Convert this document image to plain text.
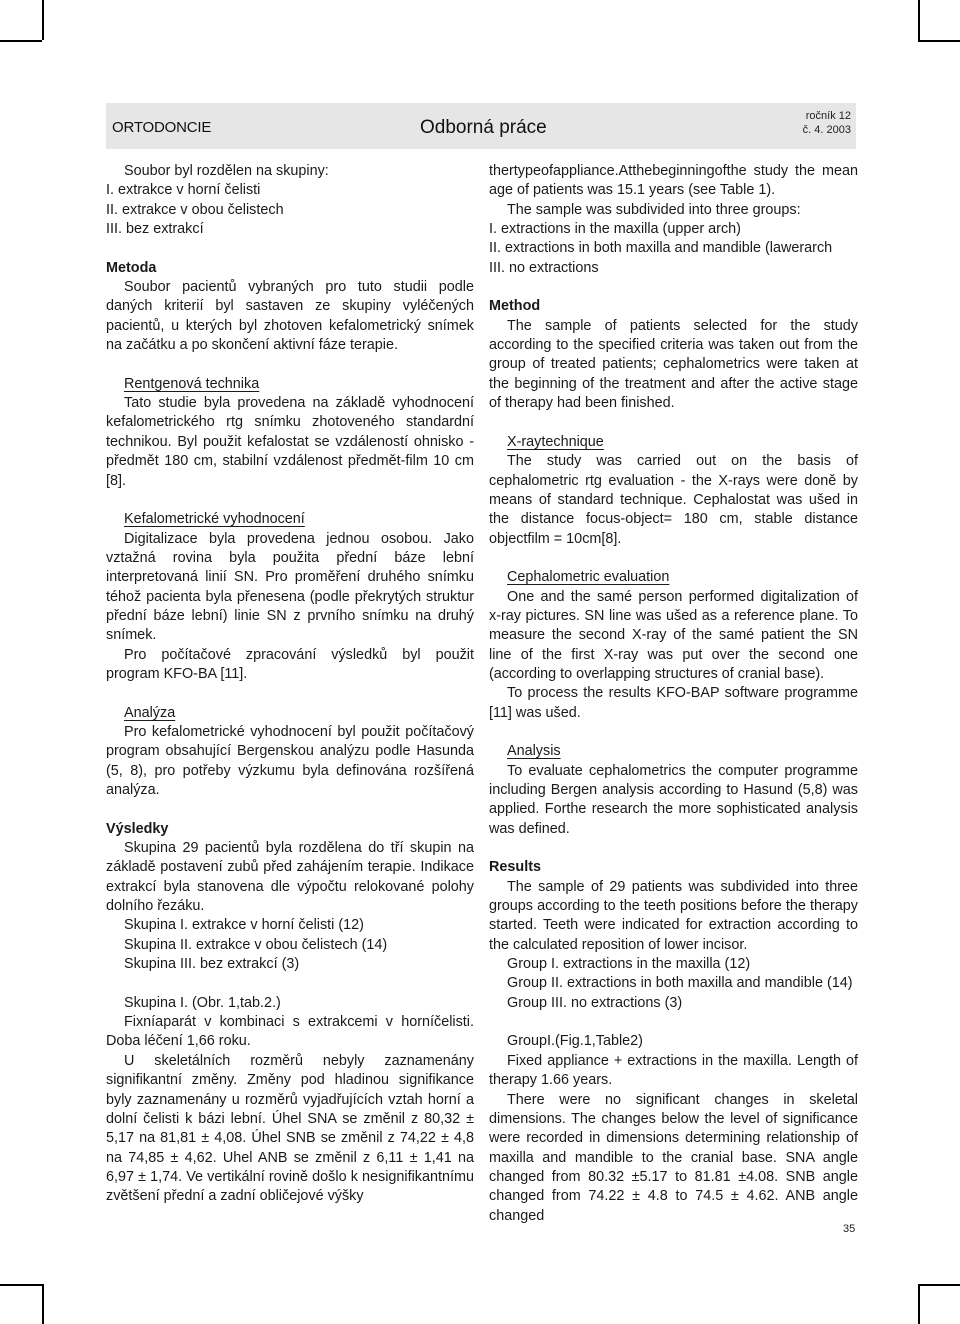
ORTODONCIE	Odborná práce
ročník 12
č. 4. 2003

Soubor byl rozdělen na skupiny:

I. extrakce v horní čelisti

II. extrakce v obou čelistech

III. bez extrakcí

Metoda

Soubor pacientů vybraných pro tuto studii podle daných kriterií byl sastaven ze skupiny vyléčených pacientů, u kterých byl zhotoven kefalometrický snímek na začátku a po skončení aktivní fáze terapie.

Rentgenová technika

Tato studie byla provedena na základě vyhodnocení kefalometrického rtg snímku zhotoveného standardní technikou. Byl použit kefalostat se vzdáleností ohnisko - předmět 180 cm, stabilní vzdálenost předmět-film 10 cm [8].

Kefalometrické vyhodnocení

Digitalizace byla provedena jednou osobou. Jako vztažná rovina byla použita přední báze lební interpretovaná linií SN. Pro proměření druhého snímku téhož pacienta byla přenesena (podle překrytých struktur přední báze lební) linie SN z prvního snímku na druhý snímek.

Pro počítačové zpracování výsledků byl použit program KFO-BA [11].

Analýza

Pro kefalometrické vyhodnocení byl použit počítačový program obsahující Bergenskou analýzu podle Hasunda (5, 8), pro potřeby výzkumu byla definována rozšířená analýza.

Výsledky

Skupina 29 pacientů byla rozdělena do tří skupin na základě postavení zubů před zahájením terapie. Indikace extrakcí byla stanovena dle výpočtu relokované polohy dolního řezáku.

Skupina I. extrakce v horní čelisti (12)

Skupina II. extrakce v obou čelistech (14)

Skupina III. bez extrakcí (3)

Skupina I. (Obr. 1,tab.2.)

Fixníaparát v kombinaci s extrakcemi v horníčelisti. Doba léčení 1,66 roku.

U skeletálních rozměrů nebyly zaznamenány signifikantní změny. Změny pod hladinou signifikance byly zaznamenány u rozměrů vyjadřujících vztah horní a dolní čelisti k bázi lební. Úhel SNA se změnil z 80,32 ± 5,17 na 81,81 ± 4,08. Úhel SNB se změnil z 74,22 ± 4,8 na 74,85 ± 4,62. Uhel ANB se změnil z 6,11 ± 1,41 na 6,97 ± 1,74. Ve vertikální rovině došlo k nesignifikantnímu zvětšení přední a zadní obličejové výšky

thertypeofappliance.Atthebeginningofthe study the mean age of patients was 15.1 years (see Table 1).

The sample was subdivided into three groups:

I. extractions in the maxilla (upper arch)

II. extractions in both maxilla and mandible (lawerarch

III. no extractions

Method

The sample of patients selected for the study according to the specified criteria was taken out from the group of treated patients; cephalometrics were taken at the beginning of the treatment and after the active stage of therapy had been finished.

X-raytechnique

The study was carried out on the basis of cephalometric rtg evaluation - the X-rays were doně by means of standard technique. Cephalostat was ušed in the distance focus-object= 180 cm, stable distance objectfilm = 10cm[8].

Cephalometric evaluation

One and the samé person performed digitalization of x-ray pictures. SN line was ušed as a reference plane. To measure the second X-ray of the samé patient the SN line of the first X-ray was put over the second one (according to overlapping structures of cranial base).

To process the results KFO-BAP software programme [11] was ušed.

Analysis

To evaluate cephalometrics the computer programme including Bergen analysis according to Hasund (5,8) was applied. Forthe research the more sophisticated analysis was defined.

Results

The sample of 29 patients was subdivided into three groups according to the teeth positions before the therapy started. Teeth were indicated for extraction according to the calculated reposition of lower incisor.

Group I. extractions in the maxilla (12)

Group II. extractions in both maxilla and mandible (14)

Group III. no extractions (3)

GroupI.(Fig.1,Table2)

Fixed appliance + extractions in the maxilla. Length of therapy 1.66 years.

There were no significant changes in skeletal dimensions. The changes below the level of significance were recorded in dimensions determining relationship of maxilla and mandible to the cranial base. SNA angle changed from 80.32 ±5.17 to 81.81 ±4.08. SNB angle changed from 74.22 ± 4.8 to 74.5 ± 4.62. ANB angle changed

35
